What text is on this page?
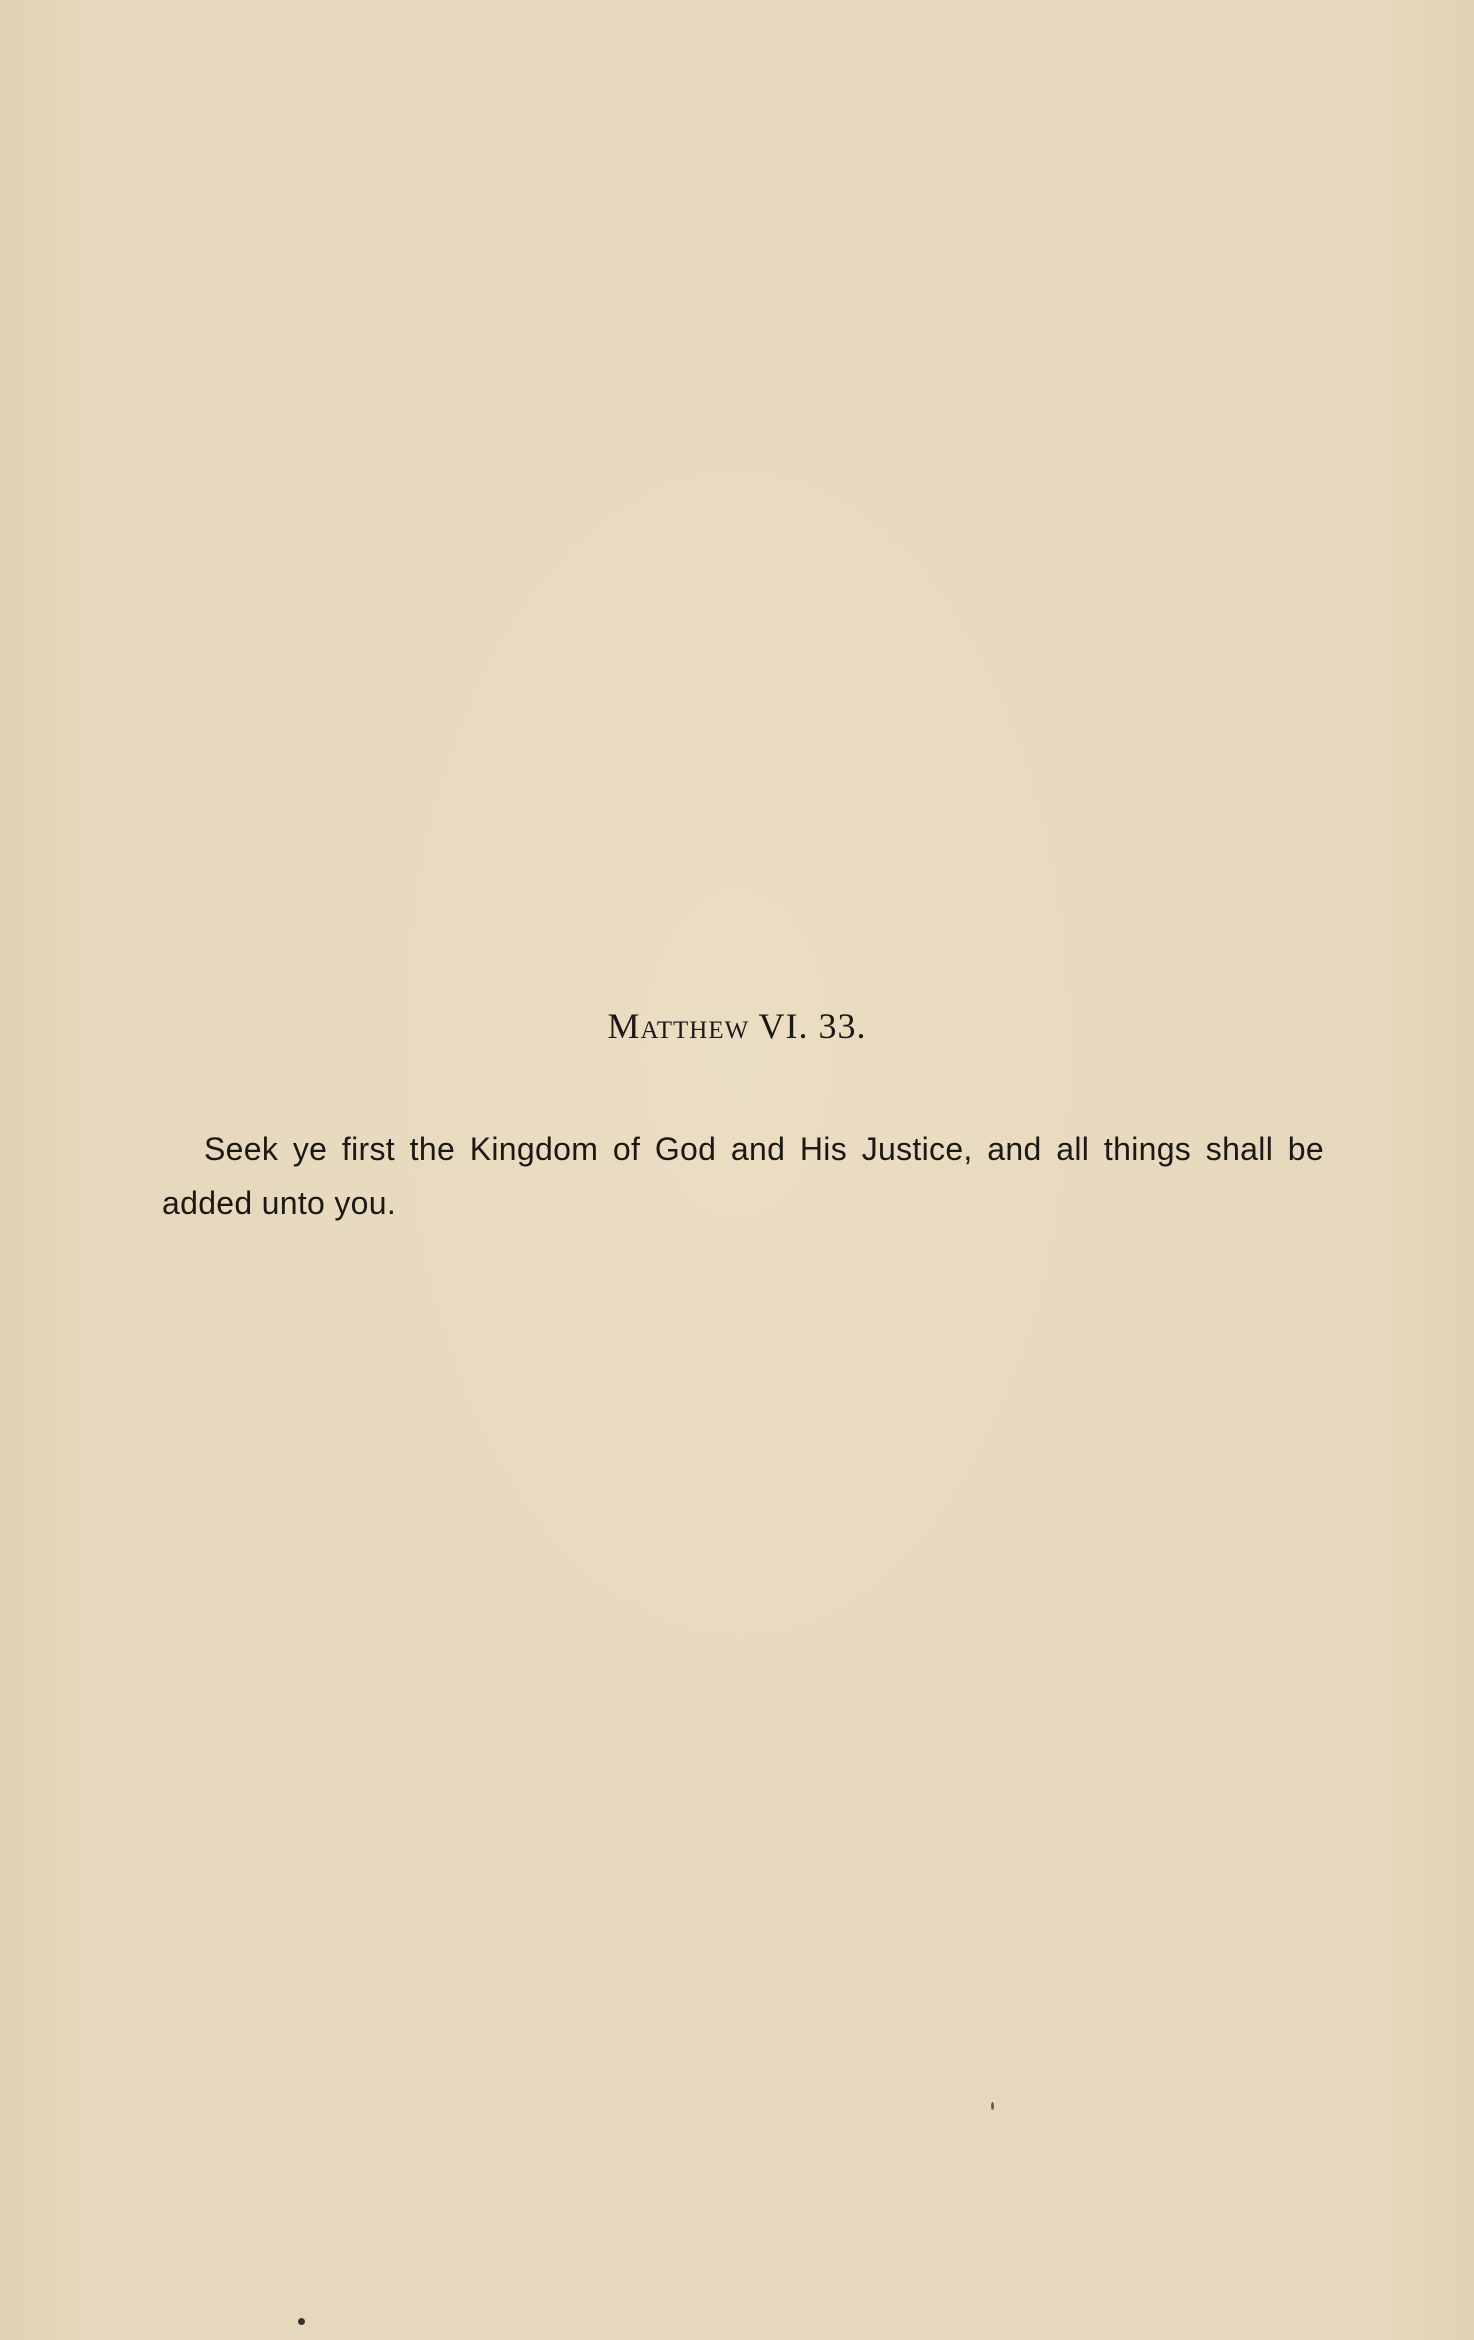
Matthew VI. 33.

Seek ye first the Kingdom of God and His Justice, and all things shall be added unto you.
